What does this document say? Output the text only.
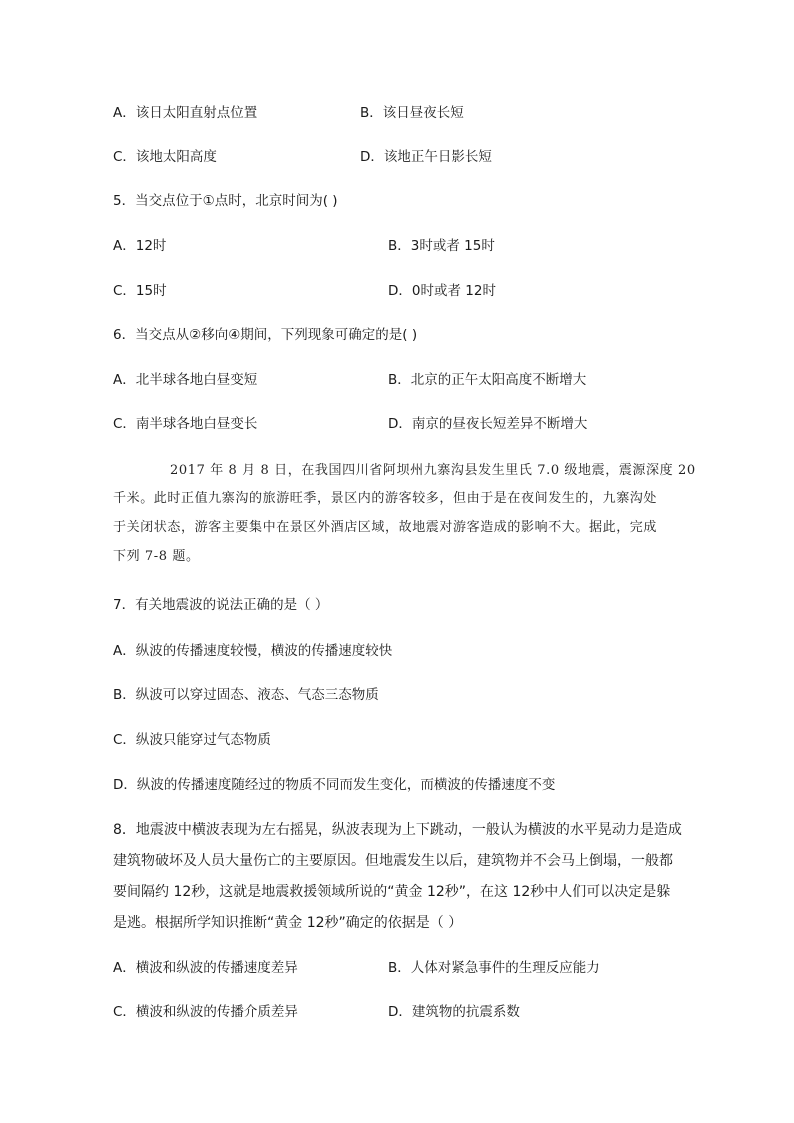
A．该日太阳直射点位置	B．该日昼夜长短
C．该地太阳高度	D．该地正午日影长短
5．当交点位于①点时，北京时间为( )
A．12时	B．3时或者 15时
C．15时	D．0时或者 12时
6．当交点从②移向④期间，下列现象可确定的是( )
A．北半球各地白昼变短	B．北京的正午太阳高度不断增大
C．南半球各地白昼变长	D．南京的昼夜长短差异不断增大
2017 年 8 月 8 日，在我国四川省阿坝州九寨沟县发生里氏 7.0 级地震，震源深度 20
千米。此时正值九寨沟的旅游旺季，景区内的游客较多，但由于是在夜间发生的，九寨沟处
于关闭状态，游客主要集中在景区外酒店区域，故地震对游客造成的影响不大。据此，完成
下列 7-8 题。
7．有关地震波的说法正确的是（ ）
A．纵波的传播速度较慢，横波的传播速度较快
B．纵波可以穿过固态、液态、气态三态物质
C．纵波只能穿过气态物质
D．纵波的传播速度随经过的物质不同而发生变化，而横波的传播速度不变
8．地震波中横波表现为左右摇晃，纵波表现为上下跳动，一般认为横波的水平晃动力是造成
建筑物破坏及人员大量伤亡的主要原因。但地震发生以后，建筑物并不会马上倒塌，一般都
要间隔约 12秒，这就是地震救援领域所说的“黄金 12秒”，在这 12秒中人们可以决定是躲
是逃。根据所学知识推断“黄金 12秒”确定的依据是（ ）
A．横波和纵波的传播速度差异	B．人体对紧急事件的生理反应能力
C．横波和纵波的传播介质差异	D．建筑物的抗震系数
